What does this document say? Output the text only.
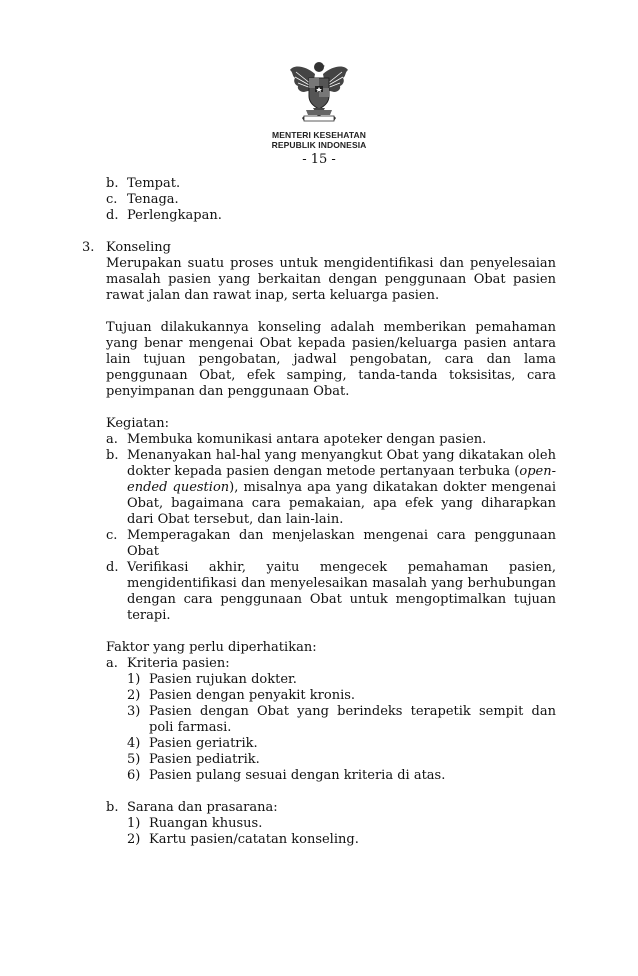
MENTERI KESEHATAN
REPUBLIK INDONESIA
- 15 -
b. Tempat.
c. Tenaga.
d. Perlengkapan.
3. Konseling
Merupakan suatu proses untuk mengidentifikasi dan penyelesaian masalah pasien yang berkaitan dengan penggunaan Obat pasien rawat jalan dan rawat inap, serta keluarga pasien.
Tujuan dilakukannya konseling adalah memberikan pemahaman yang benar mengenai Obat kepada pasien/keluarga pasien antara lain tujuan pengobatan, jadwal pengobatan, cara dan lama penggunaan Obat, efek samping, tanda-tanda toksisitas, cara penyimpanan dan penggunaan Obat.
Kegiatan:
a. Membuka komunikasi antara apoteker dengan pasien.
b. Menanyakan hal-hal yang menyangkut Obat yang dikatakan oleh dokter kepada pasien dengan metode pertanyaan terbuka (open-ended question), misalnya apa yang dikatakan dokter mengenai Obat, bagaimana cara pemakaian, apa efek yang diharapkan dari Obat tersebut, dan lain-lain.
c. Memperagakan dan menjelaskan mengenai cara penggunaan Obat
d. Verifikasi akhir, yaitu mengecek pemahaman pasien, mengidentifikasi dan menyelesaikan masalah yang berhubungan dengan cara penggunaan Obat untuk mengoptimalkan tujuan terapi.
Faktor yang perlu diperhatikan:
a. Kriteria pasien:
1) Pasien rujukan dokter.
2) Pasien dengan penyakit kronis.
3) Pasien dengan Obat yang berindeks terapetik sempit dan poli farmasi.
4) Pasien geriatrik.
5) Pasien pediatrik.
6) Pasien pulang sesuai dengan kriteria di atas.
b. Sarana dan prasarana:
1) Ruangan khusus.
2) Kartu pasien/catatan konseling.
